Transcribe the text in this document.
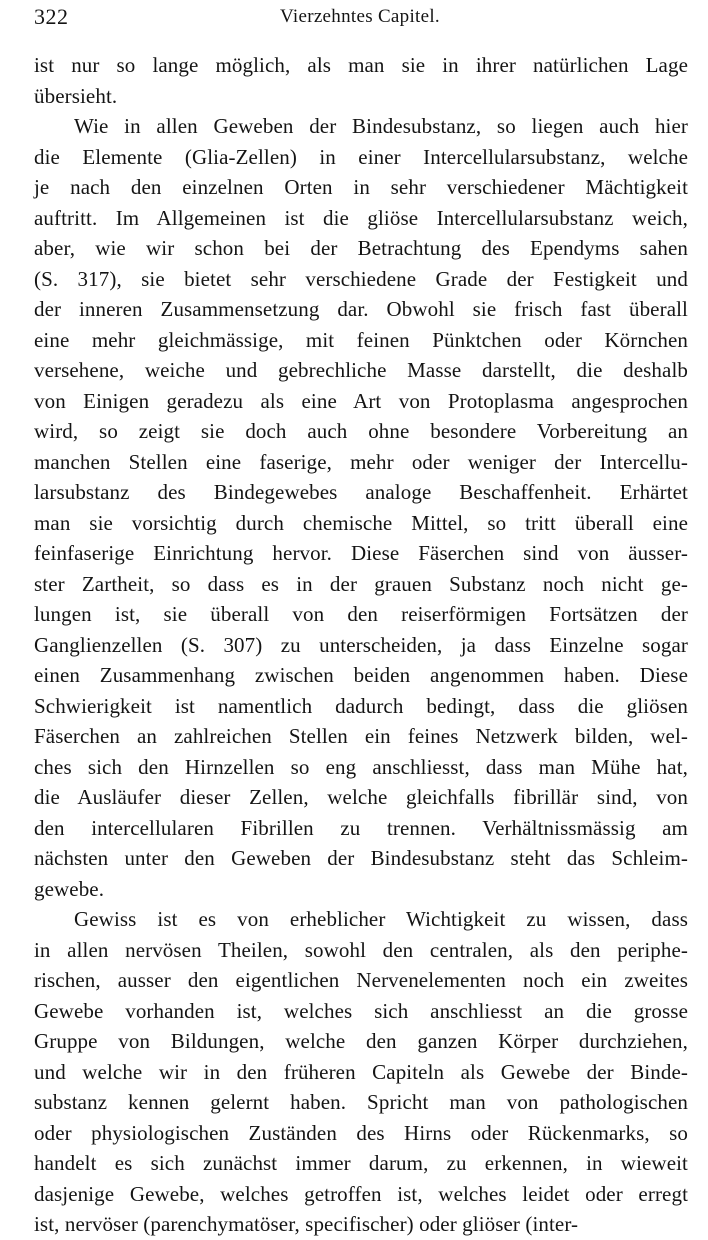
322	Vierzehntes Capitel.
ist nur so lange möglich, als man sie in ihrer natürlichen Lage
übersieht.
Wie in allen Geweben der Bindesubstanz, so liegen auch hier
die Elemente (Glia-Zellen) in einer Intercellularsubstanz, welche
je nach den einzelnen Orten in sehr verschiedener Mächtigkeit
auftritt. Im Allgemeinen ist die gliöse Intercellularsubstanz weich,
aber, wie wir schon bei der Betrachtung des Ependyms sahen
(S. 317), sie bietet sehr verschiedene Grade der Festigkeit und
der inneren Zusammensetzung dar. Obwohl sie frisch fast überall
eine mehr gleichmässige, mit feinen Pünktchen oder Körnchen
versehene, weiche und gebrechliche Masse darstellt, die deshalb
von Einigen geradezu als eine Art von Protoplasma angesprochen
wird, so zeigt sie doch auch ohne besondere Vorbereitung an
manchen Stellen eine faserige, mehr oder weniger der Intercellu-
larsubstanz des Bindegewebes analoge Beschaffenheit. Erhärtet
man sie vorsichtig durch chemische Mittel, so tritt überall eine
feinfaserige Einrichtung hervor. Diese Fäserchen sind von äusser-
ster Zartheit, so dass es in der grauen Substanz noch nicht ge-
lungen ist, sie überall von den reiserförmigen Fortsätzen der
Ganglienzellen (S. 307) zu unterscheiden, ja dass Einzelne sogar
einen Zusammenhang zwischen beiden angenommen haben. Diese
Schwierigkeit ist namentlich dadurch bedingt, dass die gliösen
Fäserchen an zahlreichen Stellen ein feines Netzwerk bilden, wel-
ches sich den Hirnzellen so eng anschliesst, dass man Mühe hat,
die Ausläufer dieser Zellen, welche gleichfalls fibrillär sind, von
den intercellularen Fibrillen zu trennen. Verhältnissmässig am
nächsten unter den Geweben der Bindesubstanz steht das Schleim-
gewebe.
Gewiss ist es von erheblicher Wichtigkeit zu wissen, dass
in allen nervösen Theilen, sowohl den centralen, als den periphe-
rischen, ausser den eigentlichen Nervenelementen noch ein zweites
Gewebe vorhanden ist, welches sich anschliesst an die grosse
Gruppe von Bildungen, welche den ganzen Körper durchziehen,
und welche wir in den früheren Capiteln als Gewebe der Binde-
substanz kennen gelernt haben. Spricht man von pathologischen
oder physiologischen Zuständen des Hirns oder Rückenmarks, so
handelt es sich zunächst immer darum, zu erkennen, in wieweit
dasjenige Gewebe, welches getroffen ist, welches leidet oder erregt
ist, nervöser (parenchymatöser, specifischer) oder gliöser (inter-
